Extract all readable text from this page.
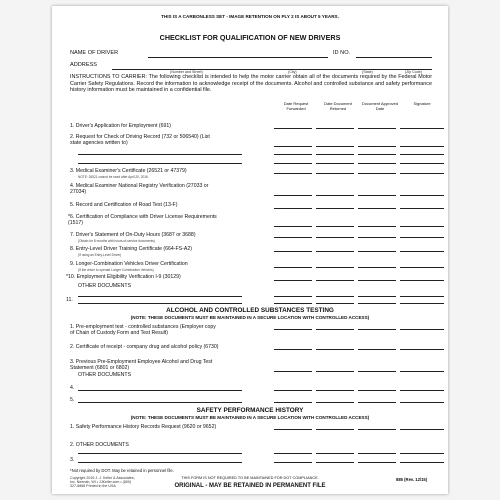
THIS IS A CARBONLESS SET - IMAGE RETENTION ON PLY 2 IS ABOUT 5 YEARS.
CHECKLIST FOR QUALIFICATION OF NEW DRIVERS
NAME OF DRIVER	ID NO.
ADDRESS
(Number and Street)	(City)	(State)	(Zip Code)
INSTRUCTIONS TO CARRIER: The following checklist is intended to help the motor carrier obtain all of the documents required by the Federal Motor Carrier Safety Regulations. Record the information to acknowledge receipt of the documents. Alcohol and controlled substance and safety performance history information must be maintained in a confidential file.
Date Request Forwarded
Date Document Returned
Document Approved Date
Signature
1. Driver's Application for Employment (691)
2. Request for Check of Driving Record (732 or 506540) (List state agencies written to)
3. Medical Examiner's Certificate (26521 or 47379)
NOTE: 26521 cannot be used after April 20, 2016.
4. Medical Examiner National Registry Verification (27033 or 27034)
5. Record and Certification of Road Test (13-F)
*6. Certification of Compliance with Driver License Requirements (1517)
7. Driver's Statement of On-Duty Hours (3687 or 3688)
(Obtain for 8 months with hours-of-service documents)
8. Entry-Level Driver Training Certificate (664-FS-A2)
(If using an Entry-Level Driver)
9. Longer-Combination Vehicles Driver Certification
(If the driver to operate Longer Combination Vehicles)
*10. Employment Eligibility Verification I-9 (30129)
OTHER DOCUMENTS
11.
ALCOHOL AND CONTROLLED SUBSTANCES TESTING
(NOTE: THESE DOCUMENTS MUST BE MAINTAINED IN A SECURE LOCATION WITH CONTROLLED ACCESS)
1. Pre-employment test - controlled substances (Employer copy of Chain of Custody Form and Test Result)
2. Certificate of receipt - company drug and alcohol policy (6730)
3. Previous Pre-Employment Employee Alcohol and Drug Test Statement (6801 or 6802)
OTHER DOCUMENTS
4.
5.
SAFETY PERFORMANCE HISTORY
(NOTE: THESE DOCUMENTS MUST BE MAINTAINED IN A SECURE LOCATION WITH CONTROLLED ACCESS)
1. Safety Performance History Records Request (9620 or 9652)
2. OTHER DOCUMENTS
3.
*Not required by DOT. May be retained in personnel file.
Copyright 2015 J. J. Keller & Associates, Inc. Neenah, WI • JJKeller.com • (800) 327-6868 Printed in the USA
THIS FORM IS NOT REQUIRED TO BE MAINTAINED FOR DOT COMPLIANCE.
ORIGINAL - MAY BE RETAINED IN PERMANENT FILE
885 (Rev. 12/15)
